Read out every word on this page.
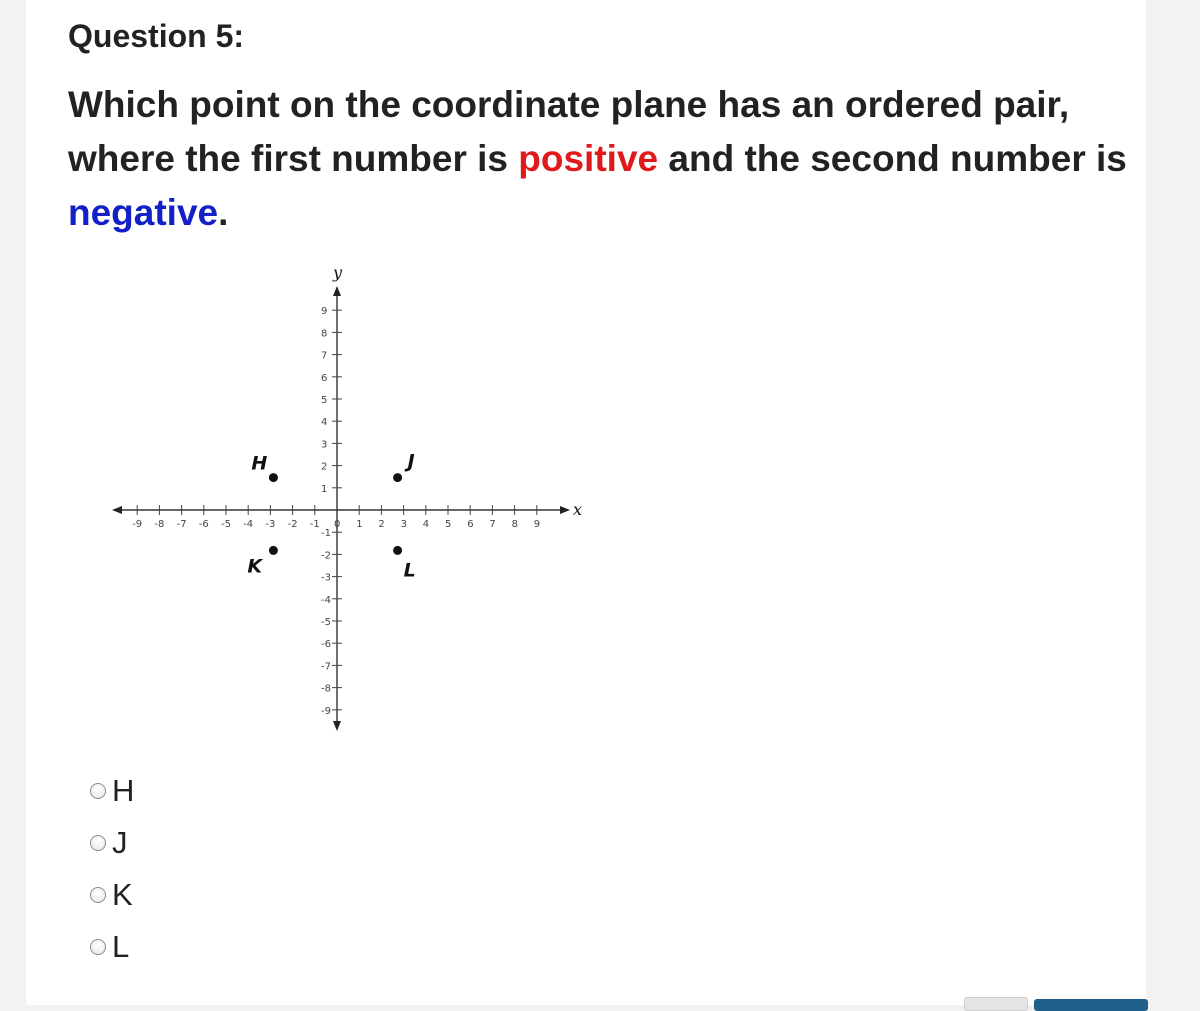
Question 5:
Which point on the coordinate plane has an ordered pair, where the first number is positive and the second number is negative.
x
y
-9 -8 -7 -6 -5 -4 -3 -2 -1 0 1 2 3 4 5 6 7 8 9
9
8
7
6
5
4
3
2
1
-1
-2
-3
-4
-5
-6
-7
-8
-9
H	J
K	L
H
J
K
L
